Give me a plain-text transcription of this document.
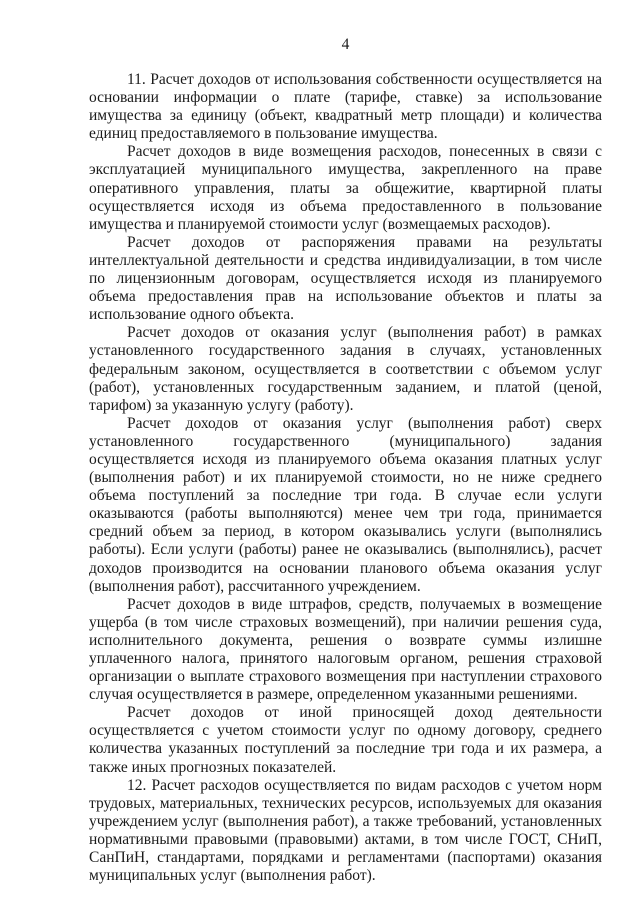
4

11. Расчет доходов от использования собственности осуществляется на основании информации о плате (тарифе, ставке) за использование имущества за единицу (объект, квадратный метр площади) и количества единиц предоставляемого в пользование имущества.

Расчет доходов в виде возмещения расходов, понесенных в связи с эксплуатацией муниципального имущества, закрепленного на праве оперативного управления, платы за общежитие, квартирной платы осуществляется исходя из объема предоставленного в пользование имущества и планируемой стоимости услуг (возмещаемых расходов).

Расчет доходов от распоряжения правами на результаты интеллектуальной деятельности и средства индивидуализации, в том числе по лицензионным договорам, осуществляется исходя из планируемого объема предоставления прав на использование объектов и платы за использование одного объекта.

Расчет доходов от оказания услуг (выполнения работ) в рамках установленного государственного задания в случаях, установленных федеральным законом, осуществляется в соответствии с объемом услуг (работ), установленных государственным заданием, и платой (ценой, тарифом) за указанную услугу (работу).

Расчет доходов от оказания услуг (выполнения работ) сверх установленного государственного (муниципального) задания осуществляется исходя из планируемого объема оказания платных услуг (выполнения работ) и их планируемой стоимости, но не ниже среднего объема поступлений за последние три года. В случае если услуги оказываются (работы выполняются) менее чем три года, принимается средний объем за период, в котором оказывались услуги (выполнялись работы). Если услуги (работы) ранее не оказывались (выполнялись), расчет доходов производится на основании планового объема оказания услуг (выполнения работ), рассчитанного учреждением.

Расчет доходов в виде штрафов, средств, получаемых в возмещение ущерба (в том числе страховых возмещений), при наличии решения суда, исполнительного документа, решения о возврате суммы излишне уплаченного налога, принятого налоговым органом, решения страховой организации о выплате страхового возмещения при наступлении страхового случая осуществляется в размере, определенном указанными решениями.

Расчет доходов от иной приносящей доход деятельности осуществляется с учетом стоимости услуг по одному договору, среднего количества указанных поступлений за последние три года и их размера, а также иных прогнозных показателей.

12. Расчет расходов осуществляется по видам расходов с учетом норм трудовых, материальных, технических ресурсов, используемых для оказания учреждением услуг (выполнения работ), а также требований, установленных нормативными правовыми (правовыми) актами, в том числе ГОСТ, СНиП, СанПиН, стандартами, порядками и регламентами (паспортами) оказания муниципальных услуг (выполнения работ).
